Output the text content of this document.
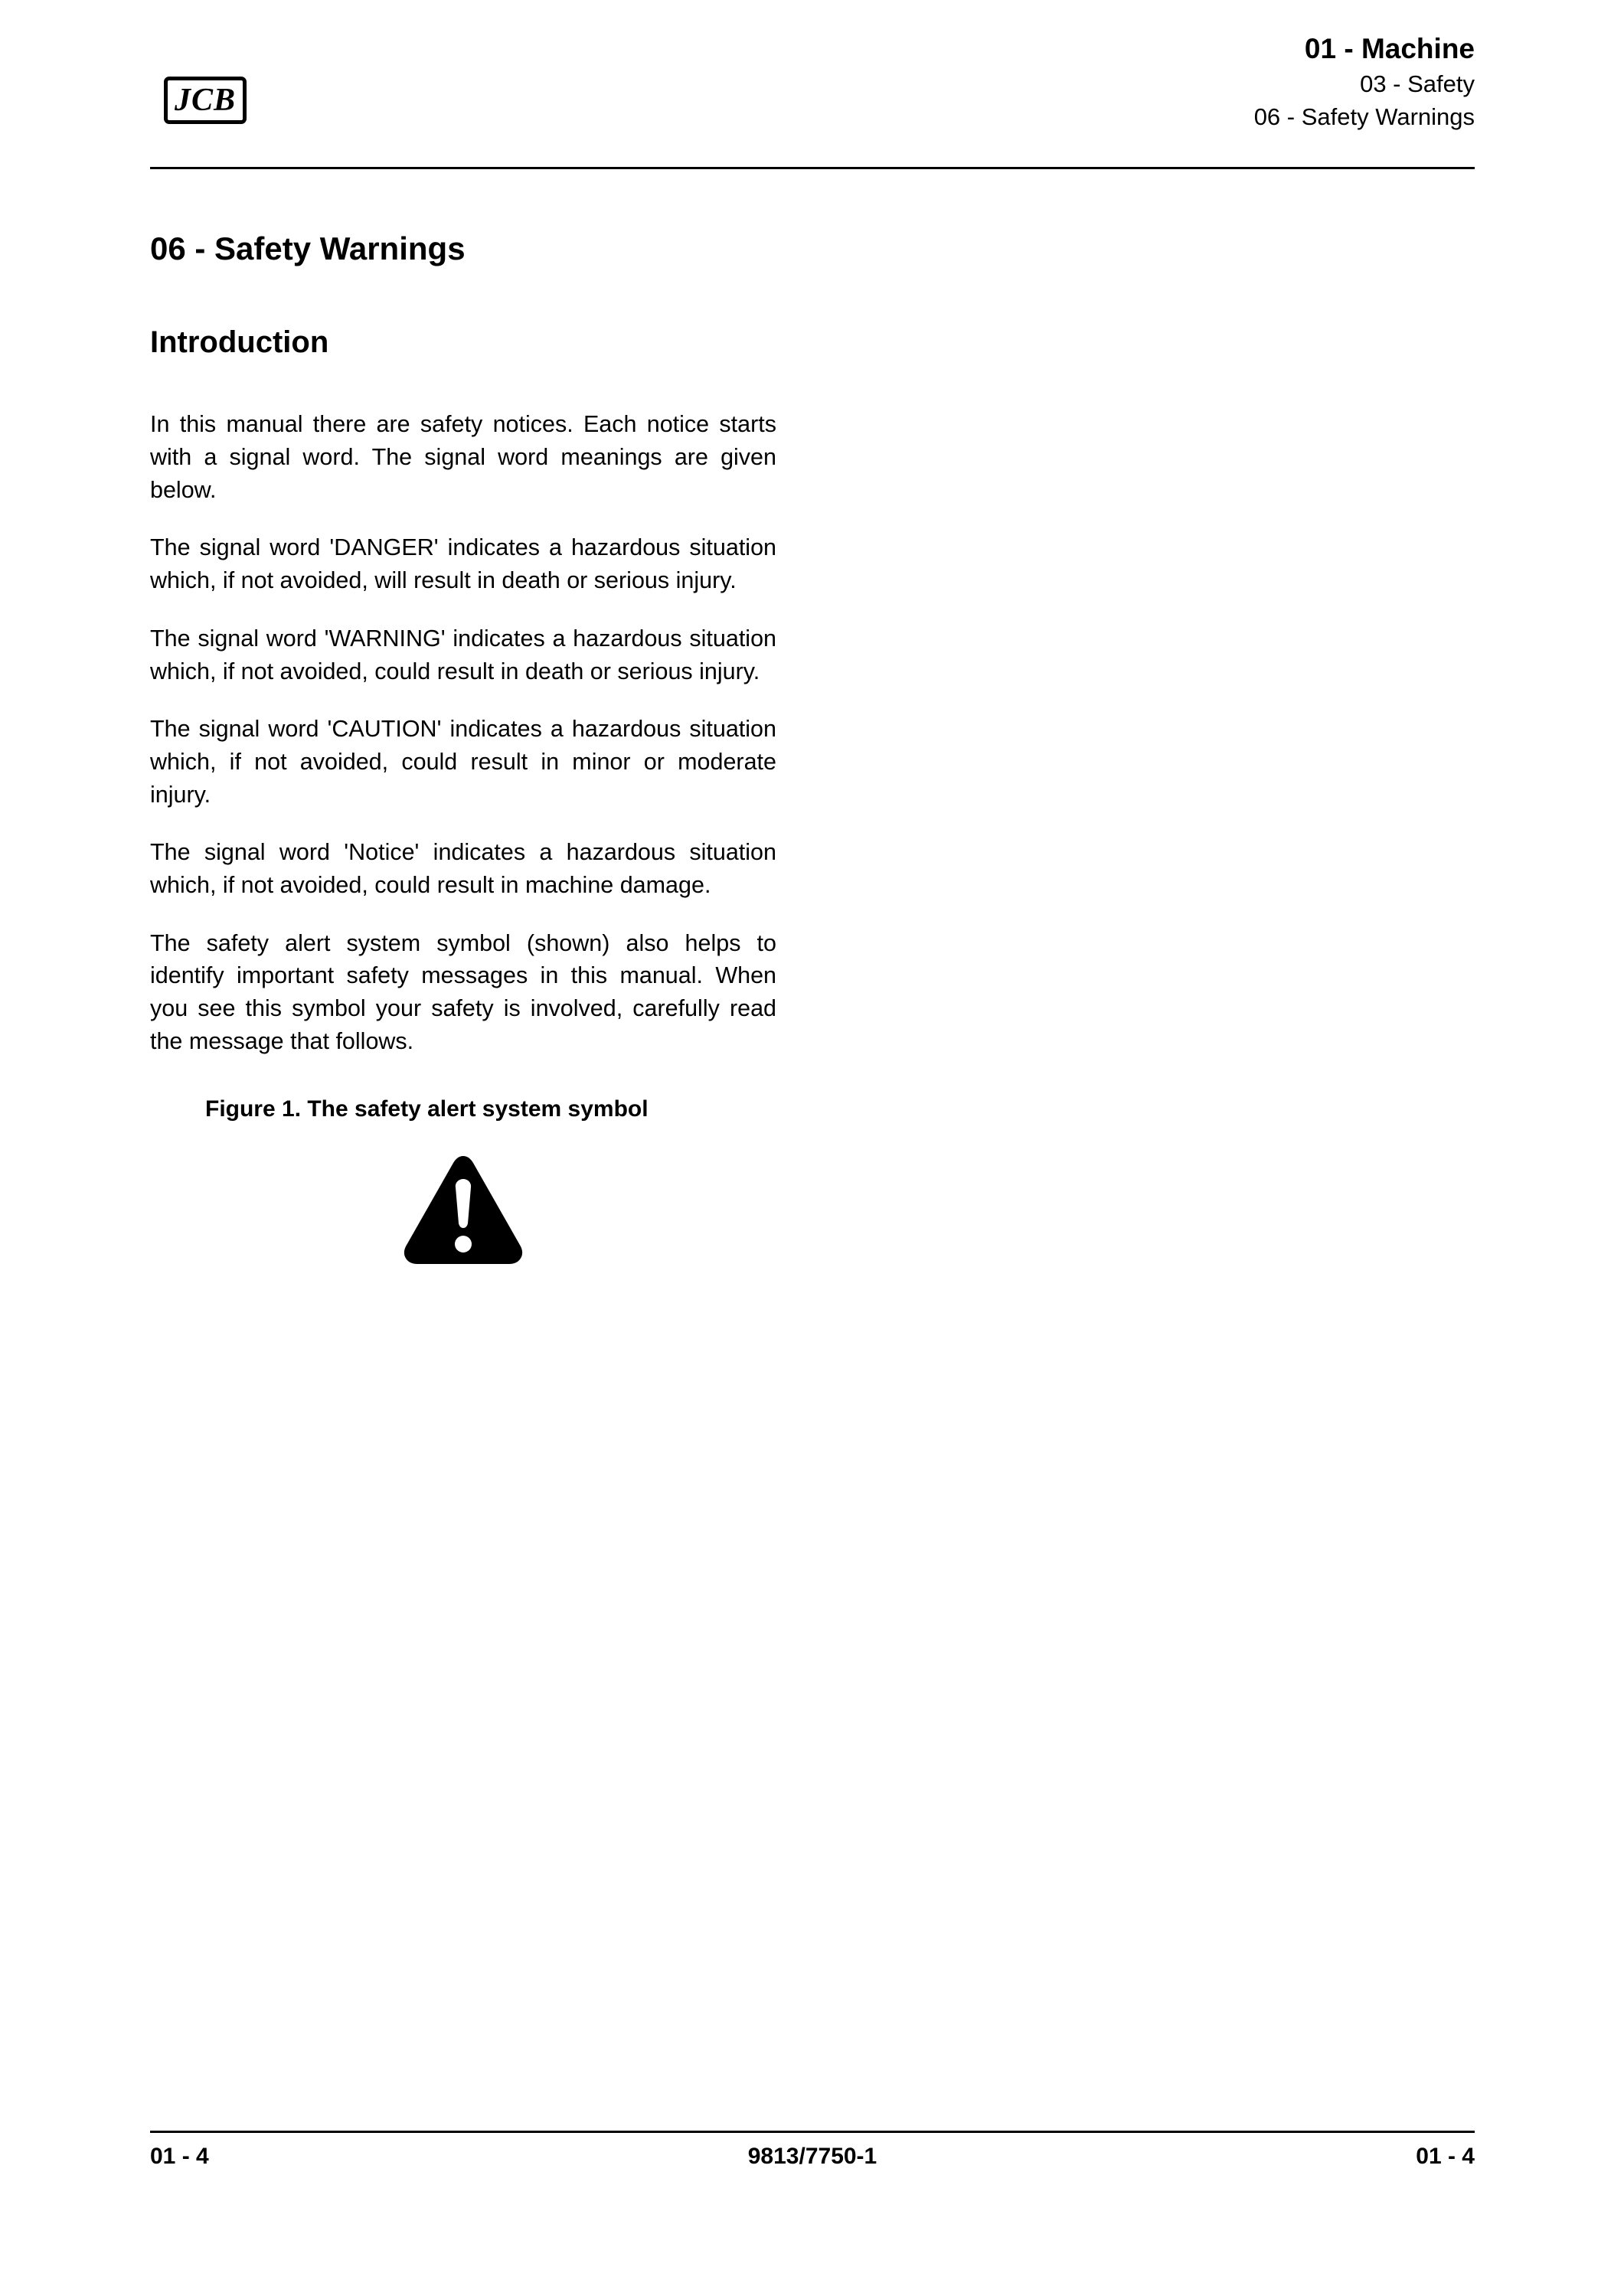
JCB
01 - Machine
03 - Safety
06 - Safety Warnings
06 - Safety Warnings
Introduction

In this manual there are safety notices. Each notice starts with a signal word. The signal word meanings are given below.

The signal word 'DANGER' indicates a hazardous situation which, if not avoided, will result in death or serious injury.

The signal word 'WARNING' indicates a hazardous situation which, if not avoided, could result in death or serious injury.

The signal word 'CAUTION' indicates a hazardous situation which, if not avoided, could result in minor or moderate injury.

The signal word 'Notice' indicates a hazardous situation which, if not avoided, could result in machine damage.

The safety alert system symbol (shown) also helps to identify important safety messages in this manual. When you see this symbol your safety is involved, carefully read the message that follows.

Figure 1. The safety alert system symbol
01 - 4	9813/7750-1	01 - 4
